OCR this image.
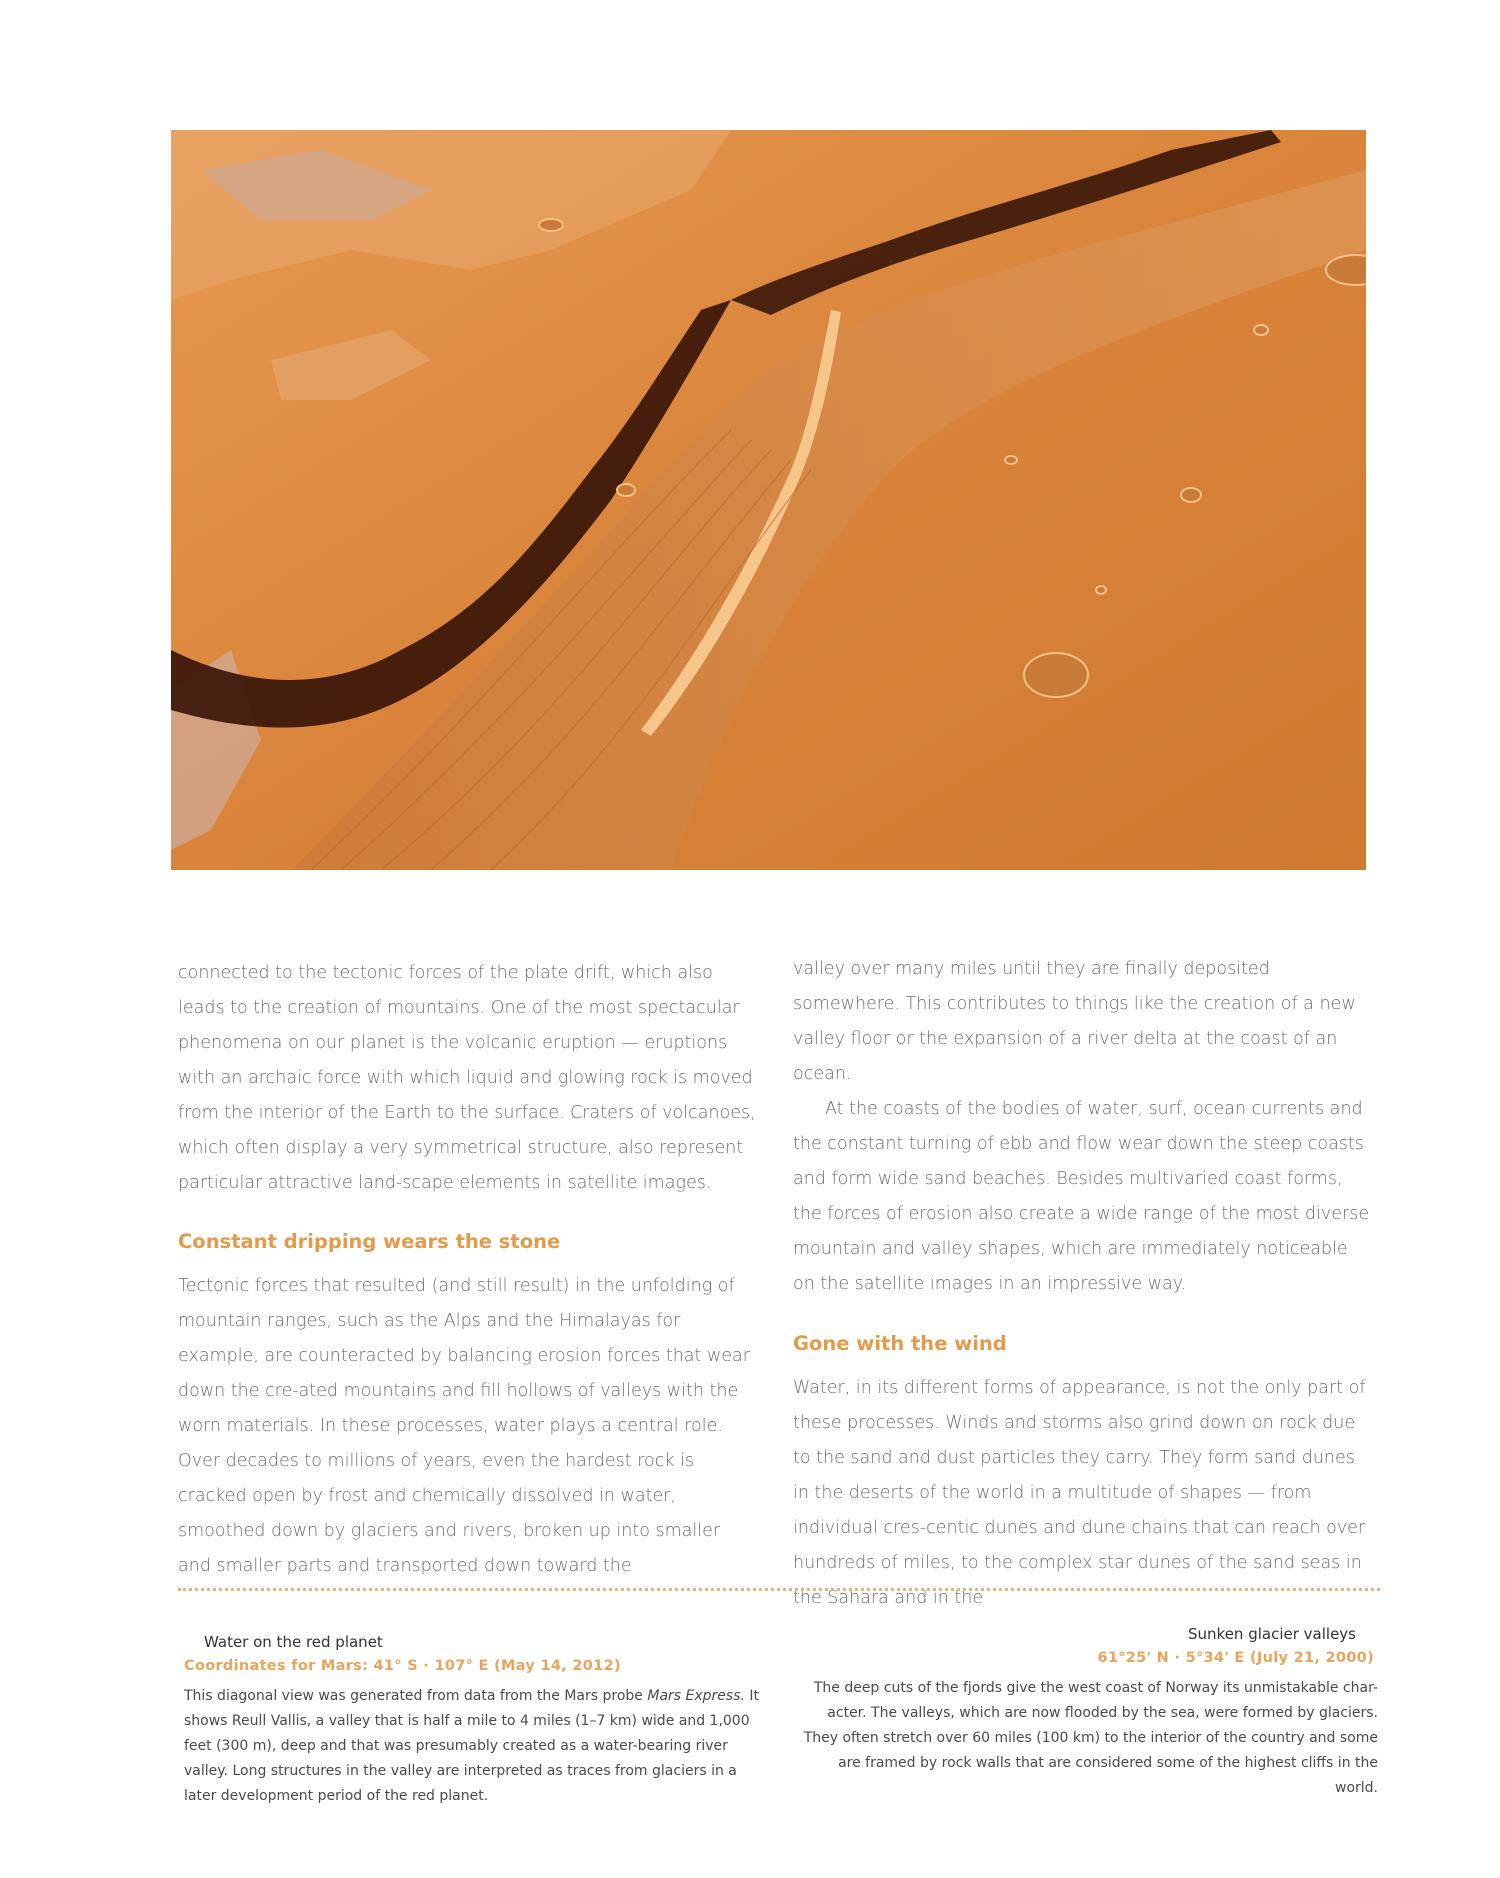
connected to the tectonic forces of the plate drift, which also leads to the creation of mountains. One of the most spectacular phenomena on our planet is the volcanic eruption — eruptions with an archaic force with which liquid and glowing rock is moved from the interior of the Earth to the surface. Craters of volcanoes, which often display a very symmetrical structure, also represent particular attractive land-scape elements in satellite images.

Constant dripping wears the stone

Tectonic forces that resulted (and still result) in the unfolding of mountain ranges, such as the Alps and the Himalayas for example, are counteracted by balancing erosion forces that wear down the cre-ated mountains and fill hollows of valleys with the worn materials. In these processes, water plays a central role. Over decades to millions of years, even the hardest rock is cracked open by frost and chemically dissolved in water, smoothed down by glaciers and rivers, broken up into smaller and smaller parts and transported down toward the

valley over many miles until they are finally deposited somewhere. This contributes to things like the creation of a new valley floor or the expansion of a river delta at the coast of an ocean.

At the coasts of the bodies of water, surf, ocean currents and the constant turning of ebb and flow wear down the steep coasts and form wide sand beaches. Besides multivaried coast forms, the forces of erosion also create a wide range of the most diverse mountain and valley shapes, which are immediately noticeable on the satellite images in an impressive way.

Gone with the wind

Water, in its different forms of appearance, is not the only part of these processes. Winds and storms also grind down on rock due to the sand and dust particles they carry. They form sand dunes in the deserts of the world in a multitude of shapes — from individual cres-centic dunes and dune chains that can reach over hundreds of miles, to the complex star dunes of the sand seas in the Sahara and in the

Water on the red planet

Coordinates for Mars: 41° S · 107° E (May 14, 2012)

This diagonal view was generated from data from the Mars probe Mars Express. It shows Reull Vallis, a valley that is half a mile to 4 miles (1–7 km) wide and 1,000 feet (300 m), deep and that was presumably created as a water-bearing river valley. Long structures in the valley are interpreted as traces from glaciers in a later development period of the red planet.

Sunken glacier valleys

61°25' N · 5°34' E (July 21, 2000)

The deep cuts of the fjords give the west coast of Norway its unmistakable char-acter. The valleys, which are now flooded by the sea, were formed by glaciers. They often stretch over 60 miles (100 km) to the interior of the country and some are framed by rock walls that are considered some of the highest cliffs in the world.
